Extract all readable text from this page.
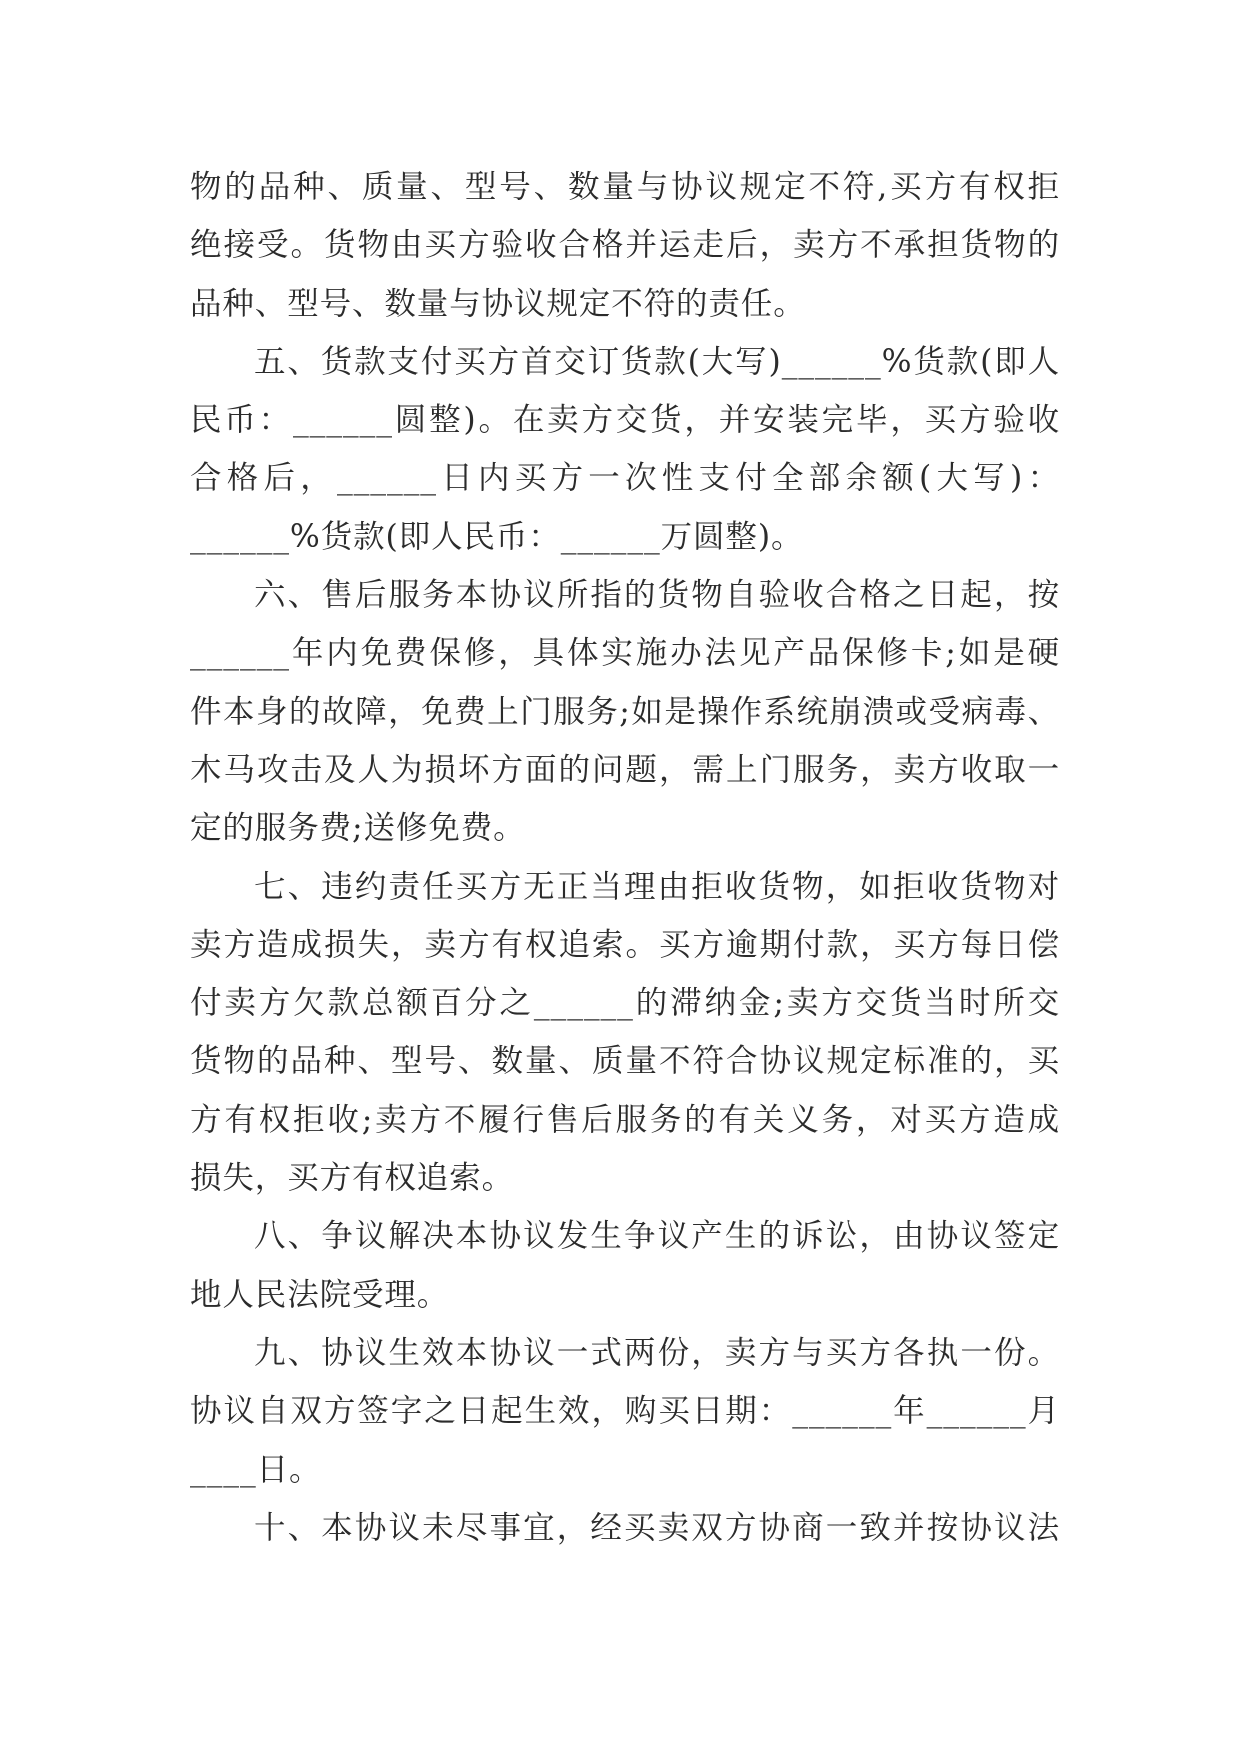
物的品种、质量、型号、数量与协议规定不符,买方有权拒
绝接受。货物由买方验收合格并运走后，卖方不承担货物的
品种、型号、数量与协议规定不符的责任。
五、货款支付买方首交订货款(大写)______%货款(即人
民币：______圆整)。在卖方交货，并安装完毕，买方验收
合格后，______日内买方一次性支付全部余额(大写)：
______%货款(即人民币：______万圆整)。
六、售后服务本协议所指的货物自验收合格之日起，按
______年内免费保修，具体实施办法见产品保修卡;如是硬
件本身的故障，免费上门服务;如是操作系统崩溃或受病毒、
木马攻击及人为损坏方面的问题，需上门服务，卖方收取一
定的服务费;送修免费。
七、违约责任买方无正当理由拒收货物，如拒收货物对
卖方造成损失，卖方有权追索。买方逾期付款，买方每日偿
付卖方欠款总额百分之______的滞纳金;卖方交货当时所交
货物的品种、型号、数量、质量不符合协议规定标准的，买
方有权拒收;卖方不履行售后服务的有关义务，对买方造成
损失，买方有权追索。
八、争议解决本协议发生争议产生的诉讼，由协议签定
地人民法院受理。
九、协议生效本协议一式两份，卖方与买方各执一份。
协议自双方签字之日起生效，购买日期：______年______月
____日。
十、本协议未尽事宜，经买卖双方协商一致并按协议法
